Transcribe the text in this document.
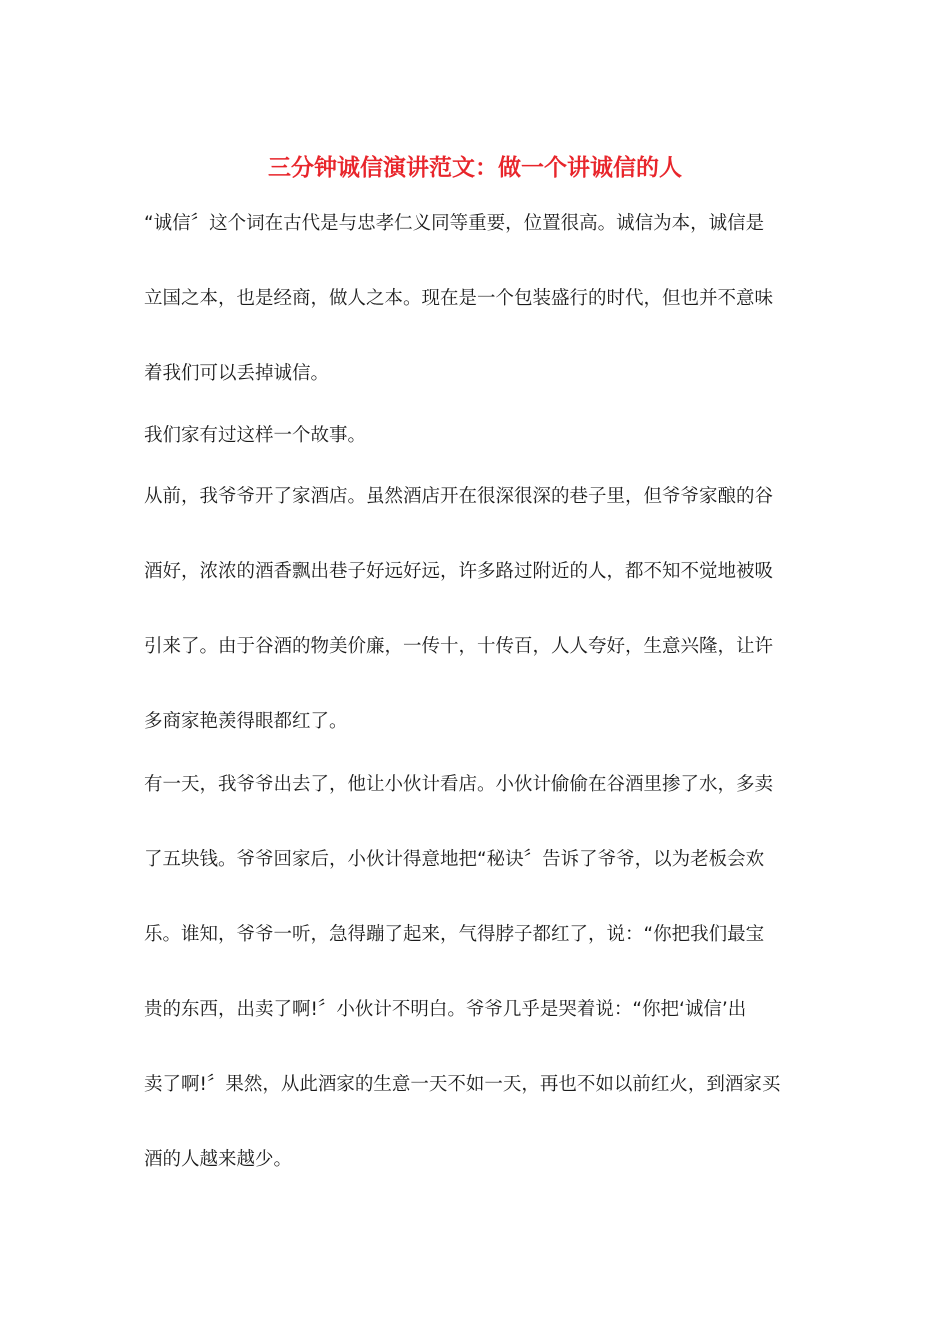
三分钟诚信演讲范文：做一个讲诚信的人
“诚信〞这个词在古代是与忠孝仁义同等重要，位置很高。诚信为本，诚信是
立国之本，也是经商，做人之本。现在是一个包装盛行的时代，但也并不意味
着我们可以丢掉诚信。
我们家有过这样一个故事。
从前，我爷爷开了家酒店。虽然酒店开在很深很深的巷子里，但爷爷家酿的谷
酒好，浓浓的酒香飘出巷子好远好远，许多路过附近的人，都不知不觉地被吸
引来了。由于谷酒的物美价廉，一传十，十传百，人人夸好，生意兴隆，让许
多商家艳羡得眼都红了。
有一天，我爷爷出去了，他让小伙计看店。小伙计偷偷在谷酒里掺了水，多卖
了五块钱。爷爷回家后，小伙计得意地把“秘诀〞告诉了爷爷，以为老板会欢
乐。谁知，爷爷一听，急得蹦了起来，气得脖子都红了，说：“你把我们最宝
贵的东西，出卖了啊!〞小伙计不明白。爷爷几乎是哭着说：“你把‘诚信’出
卖了啊!〞果然，从此酒家的生意一天不如一天，再也不如以前红火，到酒家买
酒的人越来越少。
